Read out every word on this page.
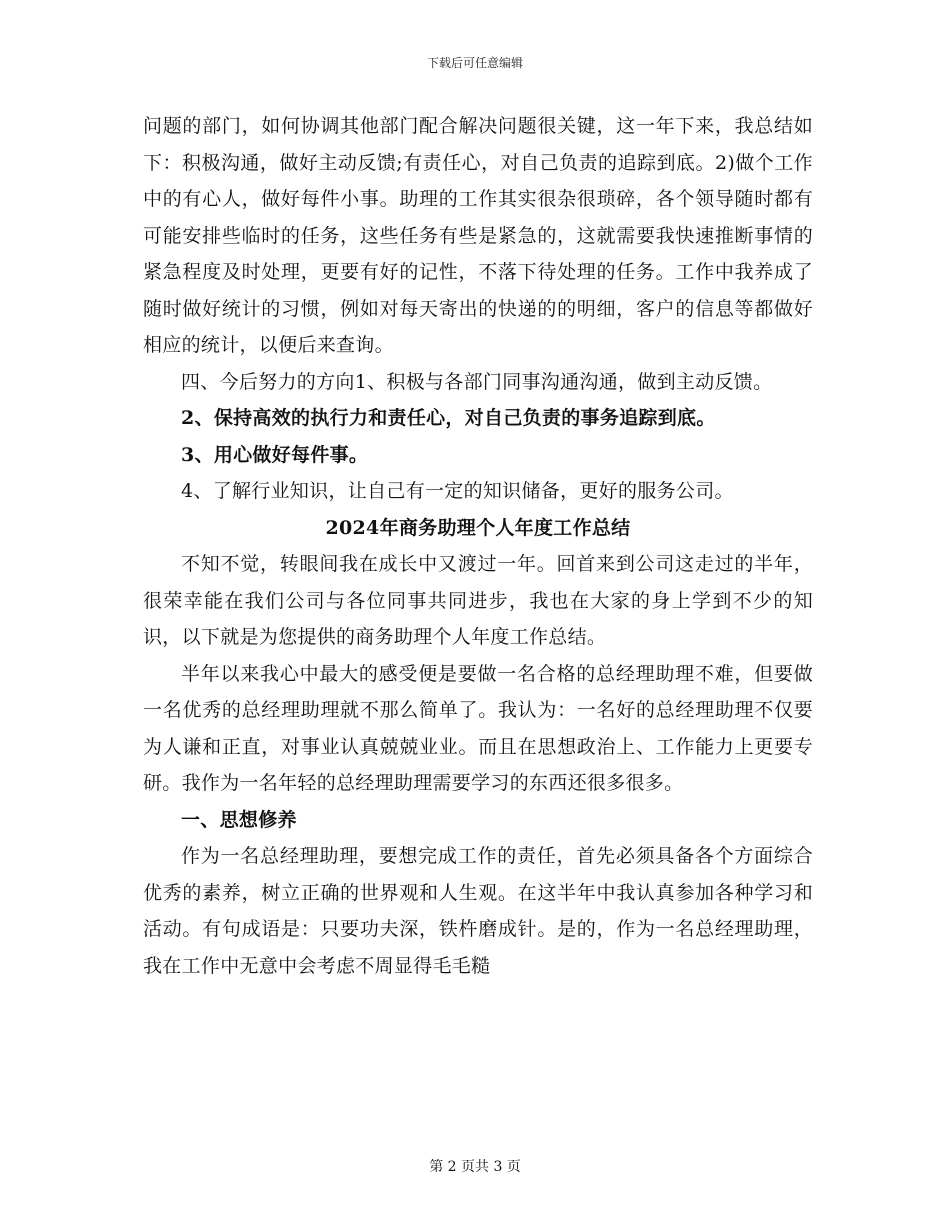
下载后可任意编辑

问题的部门，如何协调其他部门配合解决问题很关键，这一年下来，我总结如下：积极沟通，做好主动反馈;有责任心，对自己负责的追踪到底。2)做个工作中的有心人，做好每件小事。助理的工作其实很杂很琐碎，各个领导随时都有可能安排些临时的任务，这些任务有些是紧急的，这就需要我快速推断事情的紧急程度及时处理，更要有好的记性，不落下待处理的任务。工作中我养成了随时做好统计的习惯，例如对每天寄出的快递的的明细，客户的信息等都做好相应的统计，以便后来查询。

四、今后努力的方向1、积极与各部门同事沟通沟通，做到主动反馈。

2、保持高效的执行力和责任心，对自己负责的事务追踪到底。

3、用心做好每件事。

4、了解行业知识，让自己有一定的知识储备，更好的服务公司。

2024年商务助理个人年度工作总结

不知不觉，转眼间我在成长中又渡过一年。回首来到公司这走过的半年，很荣幸能在我们公司与各位同事共同进步，我也在大家的身上学到不少的知识，以下就是为您提供的商务助理个人年度工作总结。

半年以来我心中最大的感受便是要做一名合格的总经理助理不难，但要做一名优秀的总经理助理就不那么简单了。我认为：一名好的总经理助理不仅要为人谦和正直，对事业认真兢兢业业。而且在思想政治上、工作能力上更要专研。我作为一名年轻的总经理助理需要学习的东西还很多很多。

一、思想修养

作为一名总经理助理，要想完成工作的责任，首先必须具备各个方面综合优秀的素养，树立正确的世界观和人生观。在这半年中我认真参加各种学习和活动。有句成语是：只要功夫深，铁杵磨成针。是的，作为一名总经理助理，我在工作中无意中会考虑不周显得毛毛糙

第 2 页共 3 页
